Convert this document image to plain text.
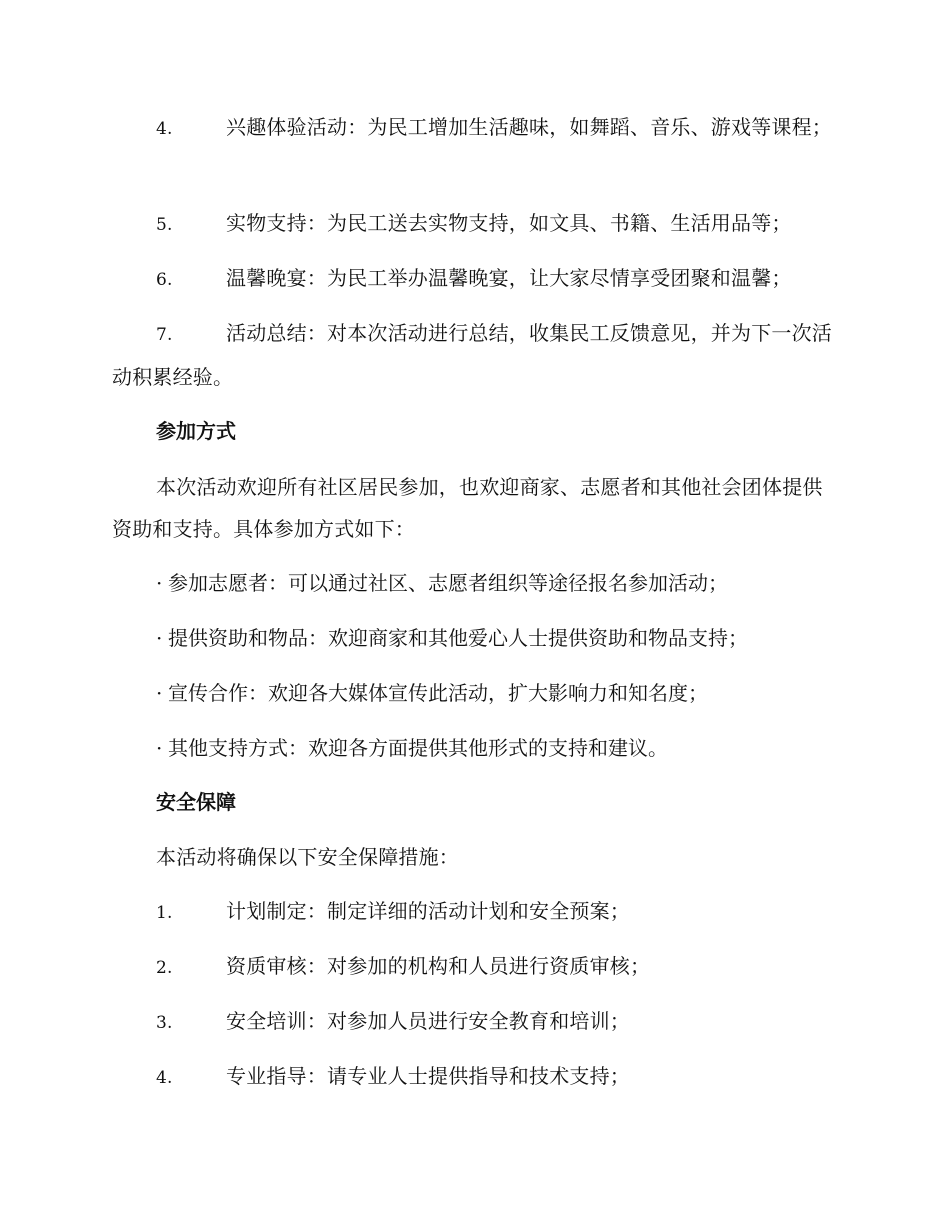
4.	兴趣体验活动：为民工增加生活趣味，如舞蹈、音乐、游戏等课程；
5.	实物支持：为民工送去实物支持，如文具、书籍、生活用品等；
6.	温馨晚宴：为民工举办温馨晚宴，让大家尽情享受团聚和温馨；
7.	活动总结：对本次活动进行总结，收集民工反馈意见，并为下一次活动积累经验。
参加方式
本次活动欢迎所有社区居民参加，也欢迎商家、志愿者和其他社会团体提供资助和支持。具体参加方式如下：
· 参加志愿者：可以通过社区、志愿者组织等途径报名参加活动；
· 提供资助和物品：欢迎商家和其他爱心人士提供资助和物品支持；
· 宣传合作：欢迎各大媒体宣传此活动，扩大影响力和知名度；
· 其他支持方式：欢迎各方面提供其他形式的支持和建议。
安全保障
本活动将确保以下安全保障措施：
1.	计划制定：制定详细的活动计划和安全预案；
2.	资质审核：对参加的机构和人员进行资质审核；
3.	安全培训：对参加人员进行安全教育和培训；
4.	专业指导：请专业人士提供指导和技术支持；
